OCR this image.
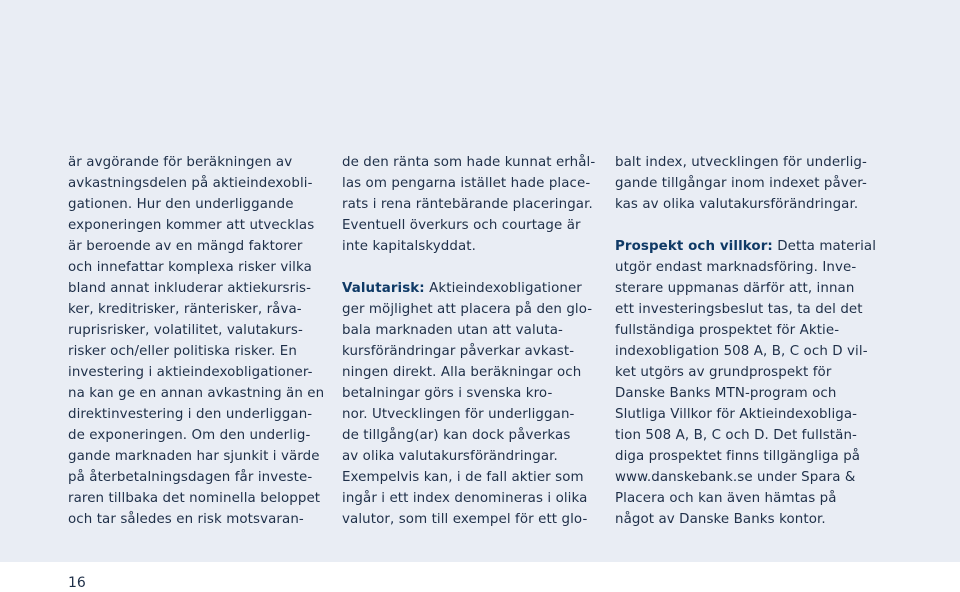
är avgörande för beräkningen av
avkastningsdelen på aktieindexobli-
gationen. Hur den underliggande
exponeringen kommer att utvecklas
är beroende av en mängd faktorer
och innefattar komplexa risker vilka
bland annat inkluderar aktiekursris-
ker, kreditrisker, ränterisker, råva-
ruprisrisker, volatilitet, valutakurs-
risker och/eller politiska risker. En
investering i aktieindexobligationer-
na kan ge en annan avkastning än en
direktinvestering i den underliggan-
de exponeringen. Om den underlig-
gande marknaden har sjunkit i värde
på återbetalningsdagen får investe-
raren tillbaka det nominella beloppet
och tar således en risk motsvaran-
de den ränta som hade kunnat erhål-
las om pengarna istället hade place-
rats i rena räntebärande placeringar.
Eventuell överkurs och courtage är
inte kapitalskyddat.
Valutarisk: Aktieindexobligationer
ger möjlighet att placera på den glo-
bala marknaden utan att valuta-
kursförändringar påverkar avkast-
ningen direkt. Alla beräkningar och
betalningar görs i svenska kro-
nor. Utvecklingen för underliggan-
de tillgång(ar) kan dock påverkas
av olika valutakursförändringar.
Exempelvis kan, i de fall aktier som
ingår i ett index denomineras i olika
valutor, som till exempel för ett glo-
balt index, utvecklingen för underlig-
gande tillgångar inom indexet påver-
kas av olika valutakursförändringar.
Prospekt och villkor: Detta material
utgör endast marknadsföring. Inve-
sterare uppmanas därför att, innan
ett investeringsbeslut tas, ta del det
fullständiga prospektet för Aktie-
indexobligation 508 A, B, C och D vil-
ket utgörs av grundprospekt för
Danske Banks MTN-program och
Slutliga Villkor för Aktieindexobliga-
tion 508 A, B, C och D. Det fullstän-
diga prospektet finns tillgängliga på
www.danskebank.se under Spara &
Placera och kan även hämtas på
något av Danske Banks kontor.
16
